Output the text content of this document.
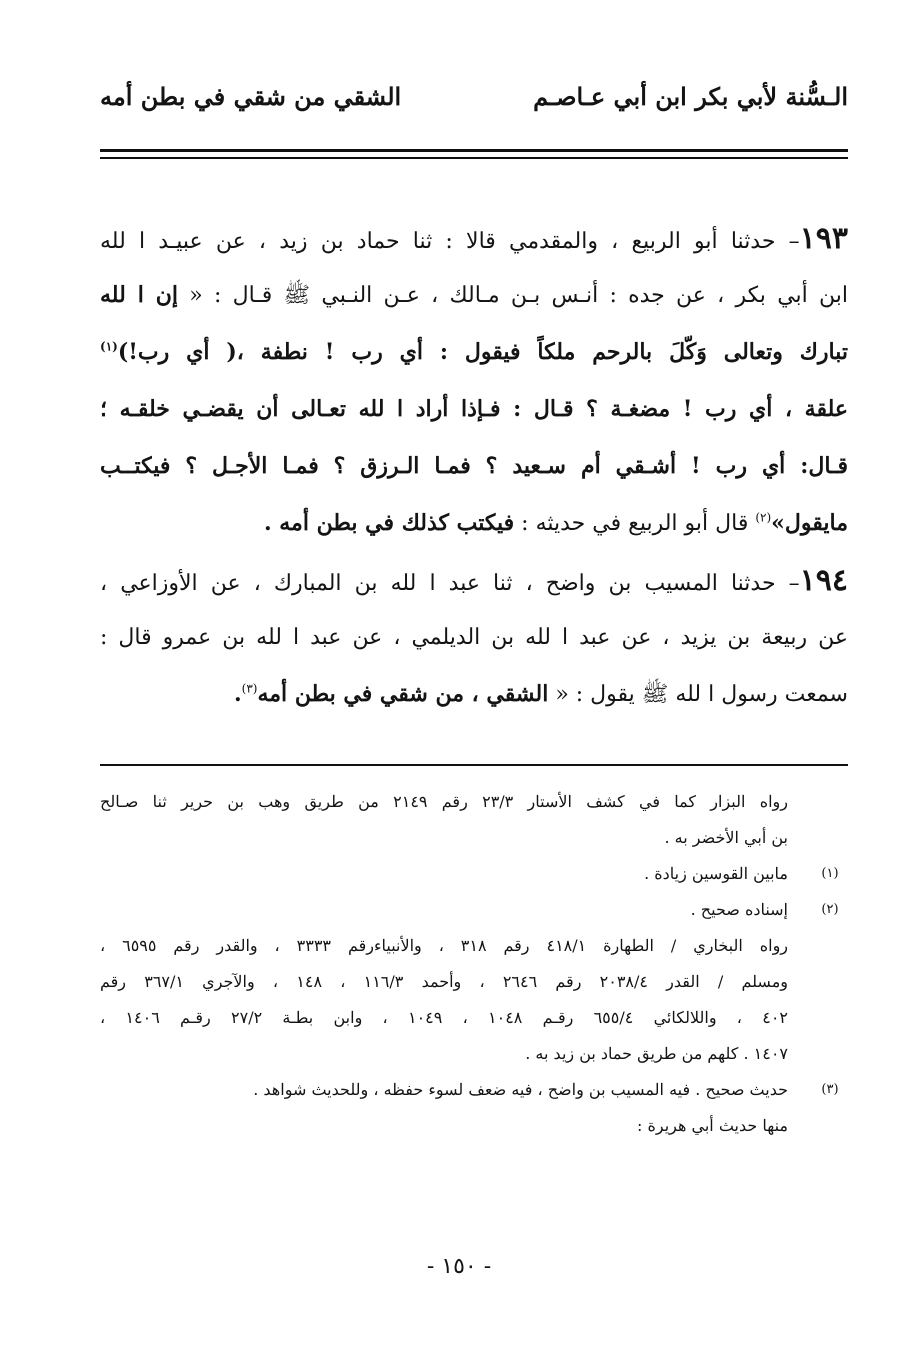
الـسُّنة لأبي بكر ابن أبي عـاصـم
الشقي من شقي في بطن أمه
١٩٣– حدثنا أبو الربيع ، والمقدمي قالا : ثنا حماد بن زيد ، عن عبيـد ا لله
ابن أبي بكر ، عن جده : أنـس بـن مـالك ، عـن النـبي ﷺ قـال : « إن ا لله
تبارك وتعالى وَكّلَ بالرحم ملكاً فيقول : أي رب ! نطفة ،( أي رب!)$^{(١)}$
علقة ، أي رب ! مضغـة ؟ قـال : فـإذا أراد ا لله تعـالى أن يقضـي خلقـه ؛
قـال: أي رب ! أشـقي أم سـعيد ؟ فمـا الـرزق ؟ فمـا الأجـل ؟ فيكتــب
مايقول»$^{(٢)}$ قال أبو الربيع في حديثه : فيكتب كذلك في بطن أمه .
١٩٤– حدثنا المسيب بن واضح ، ثنا عبد ا لله بن المبارك ، عن الأوزاعي ،
عن ربيعة بن يزيد ، عن عبد ا لله بن الديلمي ، عن عبد ا لله بن عمرو قال :
سمعت رسول ا لله ﷺ يقول : « الشقي ، من شقي في بطن أمه$^{(٣)}$.
رواه البزار كما في كشف الأستار ٢٣/٣ رقم ٢١٤٩ من طريق وهب بن حرير ثنا صـالح
بن أبي الأخضر به .
(١)
مابين القوسين زيادة .
(٢)
إسناده صحيح .
رواه البخاري / الطهارة ٤١٨/١ رقم ٣١٨ ، والأنبياءرقم ٣٣٣٣ ، والقدر رقم ٦٥٩٥ ،
ومسلم / القدر ٢٠٣٨/٤ رقم ٢٦٤٦ ، وأحمد ١١٦/٣ ، ١٤٨ ، والآجري ٣٦٧/١ رقم
٤٠٢ ، واللالكائي ٦٥٥/٤ رقـم ١٠٤٨ ، ١٠٤٩ ، وابن بطـة ٢٧/٢ رقـم ١٤٠٦ ،
١٤٠٧ . كلهم من طريق حماد بن زيد به .
(٣)
حديث صحيح . فيه المسيب بن واضح ، فيه ضعف لسوء حفظه ، وللحديث شواهد .
منها حديث أبي هريرة :
- ١٥٠ -
